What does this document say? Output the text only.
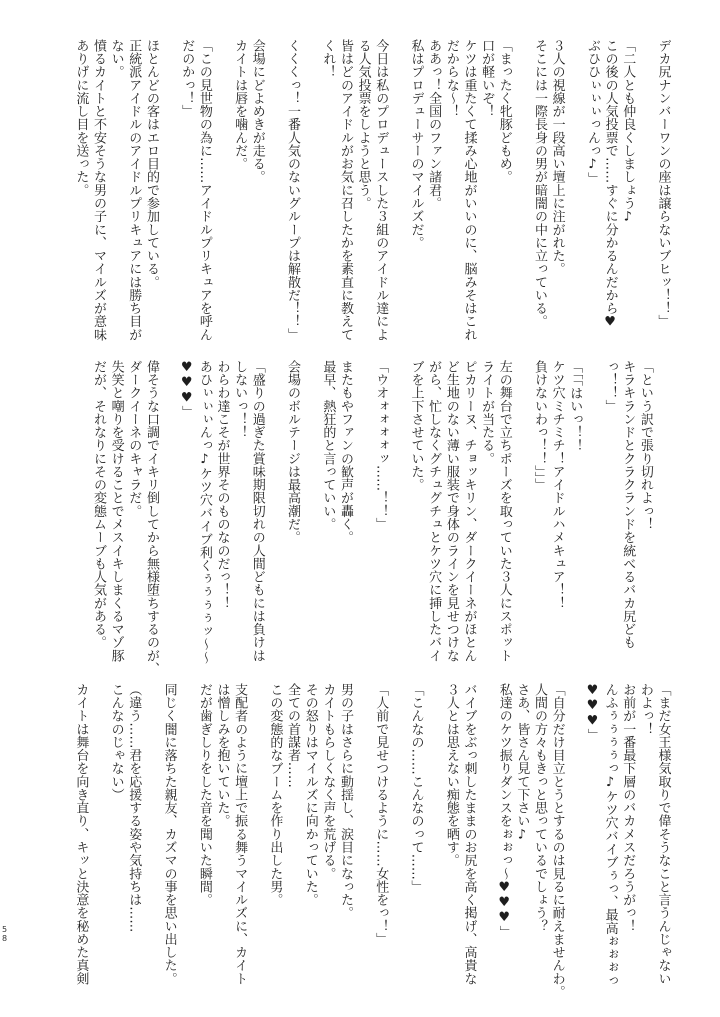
デカ尻ナンバーワンの座は譲らないブヒッ！！」
「二人とも仲良くしましょう♪
この後の人気投票で……すぐに分かるんだから♥
ぶひひぃぃぃっんっ♪」
３人の視線が一段高い壇上に注がれた。
そこには一際長身の男が暗闇の中に立っている。
「まったく牝豚どもめ。
口が軽いぞ！
ケツは重たくて揉み心地がいいのに、脳みそはこれ
だからな～！
ああっ！全国のファン諸君。
私はプロデューサーのマイルズだ。
今日は私のプロデュースした３組のアイドル達によ
る人気投票をしようと思う。
皆はどのアイドルがお気に召したかを素直に教えて
くれ！
くくくっ！一番人気のないグループは解散だ！！」
会場にどよめきが走る。
カイトは唇を噛んだ。
「この見世物の為に……アイドルプリキュアを呼ん
だのかっ！」
ほとんどの客はエロ目的で参加している。
正統派アイドルのアイドルプリキュアには勝ち目が
ない。
憤るカイトと不安そうな男の子に、マイルズが意味
ありげに流し目を送った。
「という訳で張り切れよっ！
キラキランドとクラクランドを統べるバカ尻ども
っ！！」
「「「はいっ！！
ケツ穴ミチミチ！アイドルハメキュア！！
負けないわっ！！」」」
左の舞台で立ちポーズを取っていた３人にスポット
ライトが当たる。
ピカリーヌ、チョッキリン、ダークイーネがほとん
ど生地のない薄い服装で身体のラインを見せつけな
がら、忙しなくグチュグチュとケツ穴に挿したバイ
ブを上下させていた。
「ウオォォォォッ……！！」
またもやファンの歓声が轟く。
最早、熱狂的と言っていい。
会場のボルテージは最高潮だ。
「盛りの過ぎた賞味期限切れの人間どもには負けは
しないっ！！
わらわ達こそが世界そのものなのだっ！！
あひぃぃぃんっ♪ケツ穴バイブ利くぅぅぅぅッ～～
♥♥♥」
偉そうな口調でイキリ倒してから無様堕ちするのが、
ダークイーネのキャラだ。
失笑と嘲りを受けることでメスイキしまくるマゾ豚
だが、それなりにその変態ムーブも人気がある。
「まだ女王様気取りで偉そうなこと言うんじゃない
わよっ！
お前が一番最下層のバカメスだろうがっ！
んふぅぅぅぅっ♪ケツ穴バイブぅっ、最高ぉぉぉっ
♥♥♥」
「自分だけ目立とうとするのは見るに耐えませんわ。
人間の方々もきっと思っているでしょう？
さあ、皆さん見て下さい♪
私達のケツ振りダンスをぉぉっ～♥♥♥」
バイブをぶっ刺したままのお尻を高く掲げ、高貴な
３人とは思えない痴態を晒す。
「こんなの……こんなのって……」
「人前で見せつけるように……女性をっ！」
男の子はさらに動揺し、涙目になった。
カイトもらしくなく声を荒げる。
その怒りはマイルズに向かっていた。
全ての首謀者……
この変態的なブームを作り出した男。
支配者のように壇上で振る舞うマイルズに、カイト
は憎しみを抱いていた。
だが歯ぎしりをした音を聞いた瞬間。
同じく闇に落ちた親友、カズマの事を思い出した。
（違う……君を応援する姿や気持ちは……
こんなのじゃない）
カイトは舞台を向き直り、キッと決意を秘めた真剣
58
